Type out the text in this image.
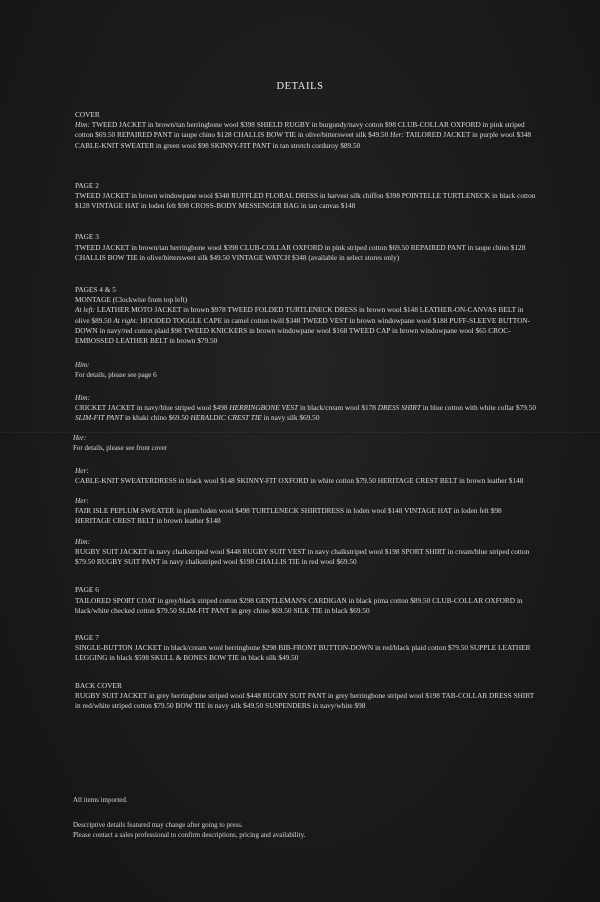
DETAILS
COVER

Him: TWEED JACKET in brown/tan herringbone wool $398 SHIELD RUGBY in burgundy/navy cotton $98 CLUB-COLLAR OXFORD in pink striped cotton $69.50 REPAIRED PANT in taupe chino $128 CHALLIS BOW TIE in olive/bittersweet silk $49.50 Her: TAILORED JACKET in purple wool $348 CABLE-KNIT SWEATER in green wool $98 SKINNY-FIT PANT in tan stretch corduroy $89.50

PAGE 2

TWEED JACKET in brown windowpane wool $348 RUFFLED FLORAL DRESS in harvest silk chiffon $398 POINTELLE TURTLENECK in black cotton $128 VINTAGE HAT in loden felt $98 CROSS-BODY MESSENGER BAG in tan canvas $148

PAGE 3

TWEED JACKET in brown/tan herringbone wool $398 CLUB-COLLAR OXFORD in pink striped cotton $69.50 REPAIRED PANT in taupe chino $128 CHALLIS BOW TIE in olive/bittersweet silk $49.50 VINTAGE WATCH $348 (available in select stores only)

PAGES 4 & 5
MONTAGE (Clockwise from top left)

At left: LEATHER MOTO JACKET in brown $978 TWEED FOLDED TURTLENECK DRESS in brown wool $148 LEATHER-ON-CANVAS BELT in olive $89.50 At right: HOODED TOGGLE CAPE in camel cotton twill $348 TWEED VEST in brown windowpane wool $188 PUFF-SLEEVE BUTTON-DOWN in navy/red cotton plaid $98 TWEED KNICKERS in brown windowpane wool $168 TWEED CAP in brown windowpane wool $65 CROC-EMBOSSED LEATHER BELT in brown $79.50

Him:

For details, please see page 6

Him:

CRICKET JACKET in navy/blue striped wool $498 HERRINGBONE VEST in black/cream wool $178 DRESS SHIRT in blue cotton with white collar $79.50 SLIM-FIT PANT in khaki chino $69.50 HERALDIC CREST TIE in navy silk $69.50

Her:

For details, please see front cover

Her:

CABLE-KNIT SWEATERDRESS in black wool $148 SKINNY-FIT OXFORD in white cotton $79.50 HERITAGE CREST BELT in brown leather $148

Her:

FAIR ISLE PEPLUM SWEATER in plum/loden wool $498 TURTLENECK SHIRTDRESS in loden wool $148 VINTAGE HAT in loden felt $98 HERITAGE CREST BELT in brown leather $148

Him:

RUGBY SUIT JACKET in navy chalkstriped wool $448 RUGBY SUIT VEST in navy chalkstriped wool $198 SPORT SHIRT in cream/blue striped cotton $79.50 RUGBY SUIT PANT in navy chalkstriped wool $198 CHALLIS TIE in red wool $69.50

PAGE 6

TAILORED SPORT COAT in grey/black striped cotton $298 GENTLEMAN'S CARDIGAN in black pima cotton $89.50 CLUB-COLLAR OXFORD in black/white checked cotton $79.50 SLIM-FIT PANT in grey chino $69.50 SILK TIE in black $69.50

PAGE 7

SINGLE-BUTTON JACKET in black/cream wool herringbone $298 BIB-FRONT BUTTON-DOWN in red/black plaid cotton $79.50 SUPPLE LEATHER LEGGING in black $598 SKULL & BONES BOW TIE in black silk $49.50

BACK COVER

RUGBY SUIT JACKET in grey herringbone striped wool $448 RUGBY SUIT PANT in grey herringbone striped wool $198 TAB-COLLAR DRESS SHIRT in red/white striped cotton $79.50 BOW TIE in navy silk $49.50 SUSPENDERS in navy/white $98

All items imported.

Descriptive details featured may change after going to press.

Please contact a sales professional to confirm descriptions, pricing and availability.
